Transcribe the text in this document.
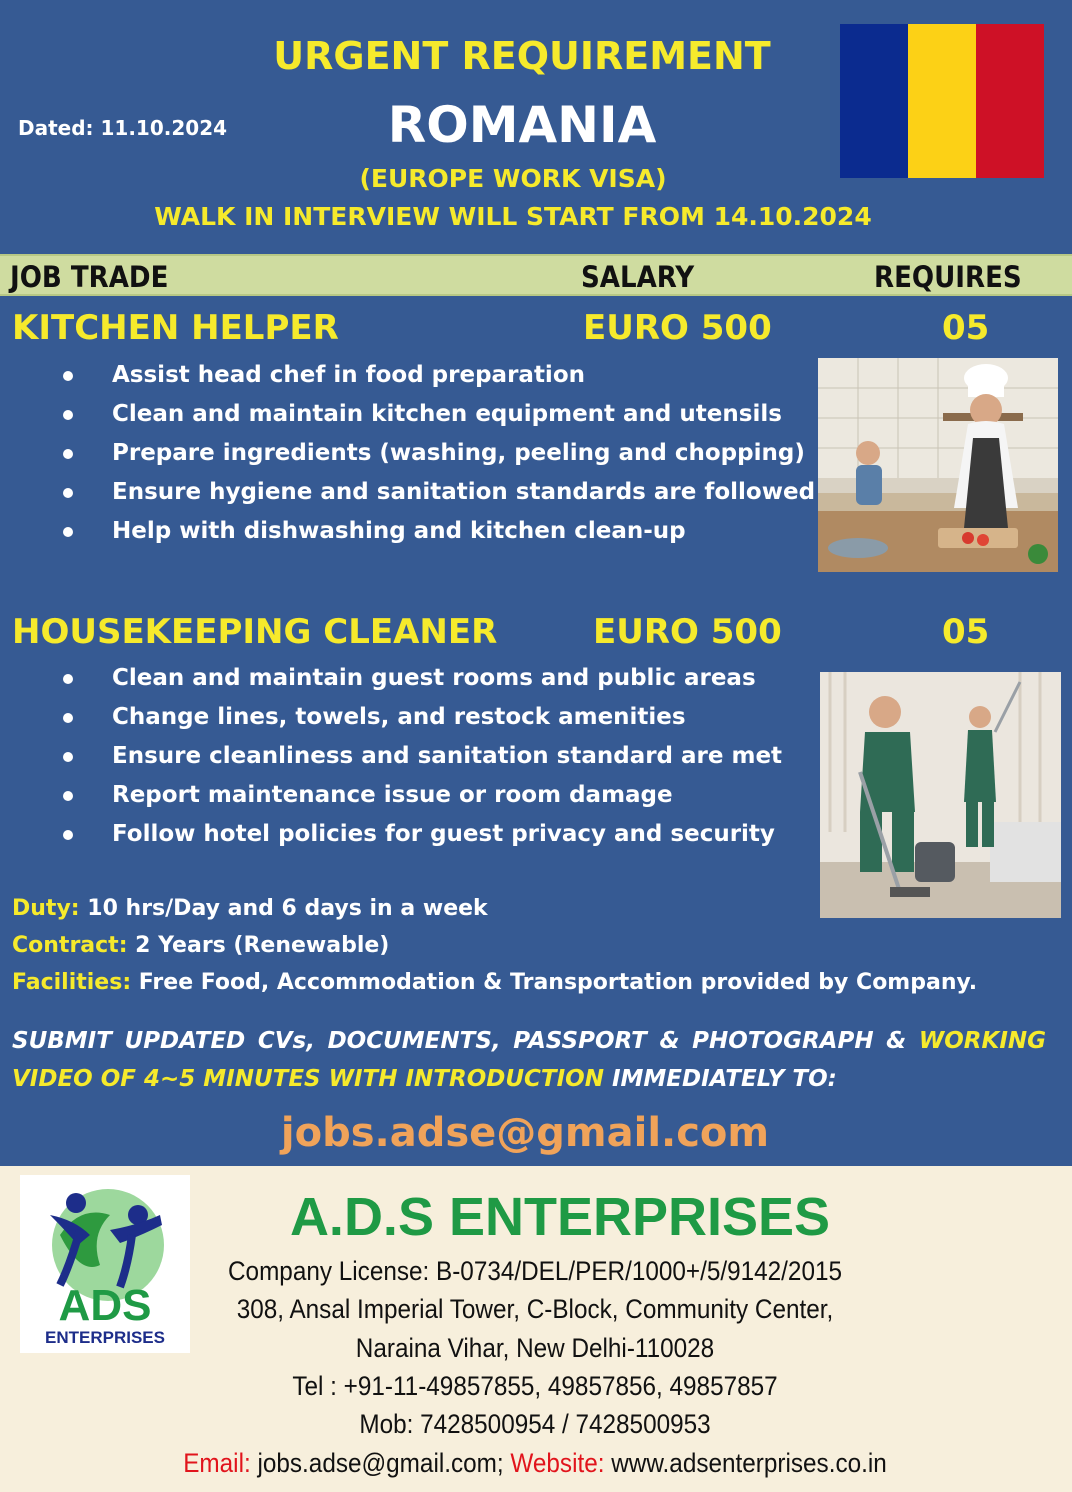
Dated: 11.10.2024
URGENT REQUIREMENT
ROMANIA
(EUROPE WORK VISA)
WALK IN INTERVIEW WILL START FROM 14.10.2024
JOB TRADE	SALARY	REQUIRES
KITCHEN HELPER	EURO 500	05
Assist head chef in food preparation
Clean and maintain kitchen equipment and utensils
Prepare ingredients (washing, peeling and chopping)
Ensure hygiene and sanitation standards are followed
Help with dishwashing and kitchen clean-up
HOUSEKEEPING CLEANER	EURO 500	05
Clean and maintain guest rooms and public areas
Change lines, towels, and restock amenities
Ensure cleanliness and sanitation standard are met
Report maintenance issue or room damage
Follow hotel policies for guest privacy and security
Duty: 10 hrs/Day and 6 days in a week
Contract: 2 Years (Renewable)
Facilities: Free Food, Accommodation & Transportation provided by Company.
SUBMIT UPDATED CVs, DOCUMENTS, PASSPORT & PHOTOGRAPH & WORKING VIDEO OF 4~5 MINUTES WITH INTRODUCTION IMMEDIATELY TO:
jobs.adse@gmail.com
ADS
ENTERPRISES
A.D.S ENTERPRISES
Company License: B-0734/DEL/PER/1000+/5/9142/2015
308, Ansal Imperial Tower, C-Block, Community Center,
Naraina Vihar, New Delhi-110028
Tel : +91-11-49857855, 49857856, 49857857
Mob: 7428500954 / 7428500953
Email: jobs.adse@gmail.com; Website: www.adsenterprises.co.in
